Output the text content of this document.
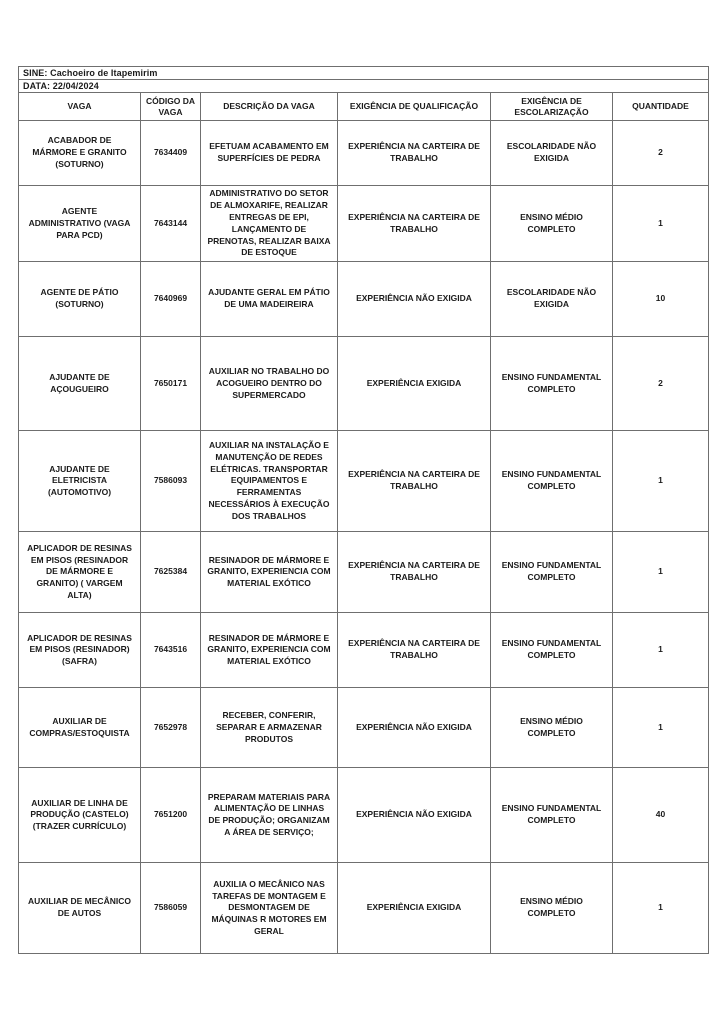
SINE: Cachoeiro de Itapemirim					
DATA: 22/04/2024					
VAGA	CÓDIGO DA VAGA	DESCRIÇÃO DA VAGA	EXIGÊNCIA DE QUALIFICAÇÃO	EXIGÊNCIA DE ESCOLARIZAÇÃO	QUANTIDADE
ACABADOR DE MÁRMORE E GRANITO (SOTURNO)	7634409	EFETUAM ACABAMENTO EM SUPERFÍCIES DE PEDRA	EXPERIÊNCIA NA CARTEIRA DE TRABALHO	ESCOLARIDADE NÃO EXIGIDA	2
AGENTE ADMINISTRATIVO (VAGA PARA PCD)	7643144	ADMINISTRATIVO DO SETOR DE ALMOXARIFE, REALIZAR ENTREGAS DE EPI, LANÇAMENTO DE PRENOTAS, REALIZAR BAIXA DE ESTOQUE	EXPERIÊNCIA NA CARTEIRA DE TRABALHO	ENSINO MÉDIO COMPLETO	1
AGENTE DE PÁTIO (SOTURNO)	7640969	AJUDANTE GERAL EM PÁTIO DE UMA MADEIREIRA	EXPERIÊNCIA NÃO EXIGIDA	ESCOLARIDADE NÃO EXIGIDA	10
AJUDANTE DE AÇOUGUEIRO	7650171	AUXILIAR NO TRABALHO DO ACOGUEIRO DENTRO DO SUPERMERCADO	EXPERIÊNCIA EXIGIDA	ENSINO FUNDAMENTAL COMPLETO	2
AJUDANTE DE ELETRICISTA (AUTOMOTIVO)	7586093	AUXILIAR NA INSTALAÇÃO E MANUTENÇÃO DE REDES ELÉTRICAS. TRANSPORTAR EQUIPAMENTOS E FERRAMENTAS NECESSÁRIOS À EXECUÇÃO DOS TRABALHOS	EXPERIÊNCIA NA CARTEIRA DE TRABALHO	ENSINO FUNDAMENTAL COMPLETO	1
APLICADOR DE RESINAS EM PISOS (RESINADOR DE MÁRMORE E GRANITO) ( VARGEM ALTA)	7625384	RESINADOR DE MÁRMORE E GRANITO, EXPERIENCIA COM MATERIAL EXÓTICO	EXPERIÊNCIA NA CARTEIRA DE TRABALHO	ENSINO FUNDAMENTAL COMPLETO	1
APLICADOR DE RESINAS EM PISOS (RESINADOR) (SAFRA)	7643516	RESINADOR DE MÁRMORE E GRANITO, EXPERIENCIA COM MATERIAL EXÓTICO	EXPERIÊNCIA NA CARTEIRA DE TRABALHO	ENSINO FUNDAMENTAL COMPLETO	1
AUXILIAR DE COMPRAS/ESTOQUISTA	7652978	RECEBER, CONFERIR, SEPARAR E ARMAZENAR PRODUTOS	EXPERIÊNCIA NÃO EXIGIDA	ENSINO MÉDIO COMPLETO	1
AUXILIAR DE LINHA DE PRODUÇÃO (CASTELO) (TRAZER CURRÍCULO)	7651200	PREPARAM MATERIAIS PARA ALIMENTAÇÃO DE LINHAS DE PRODUÇÃO; ORGANIZAM A ÁREA DE SERVIÇO;	EXPERIÊNCIA NÃO EXIGIDA	ENSINO FUNDAMENTAL COMPLETO	40
AUXILIAR DE MECÂNICO DE AUTOS	7586059	AUXILIA O MECÂNICO NAS TAREFAS DE MONTAGEM E DESMONTAGEM DE MÁQUINAS R MOTORES EM GERAL	EXPERIÊNCIA EXIGIDA	ENSINO MÉDIO COMPLETO	1
